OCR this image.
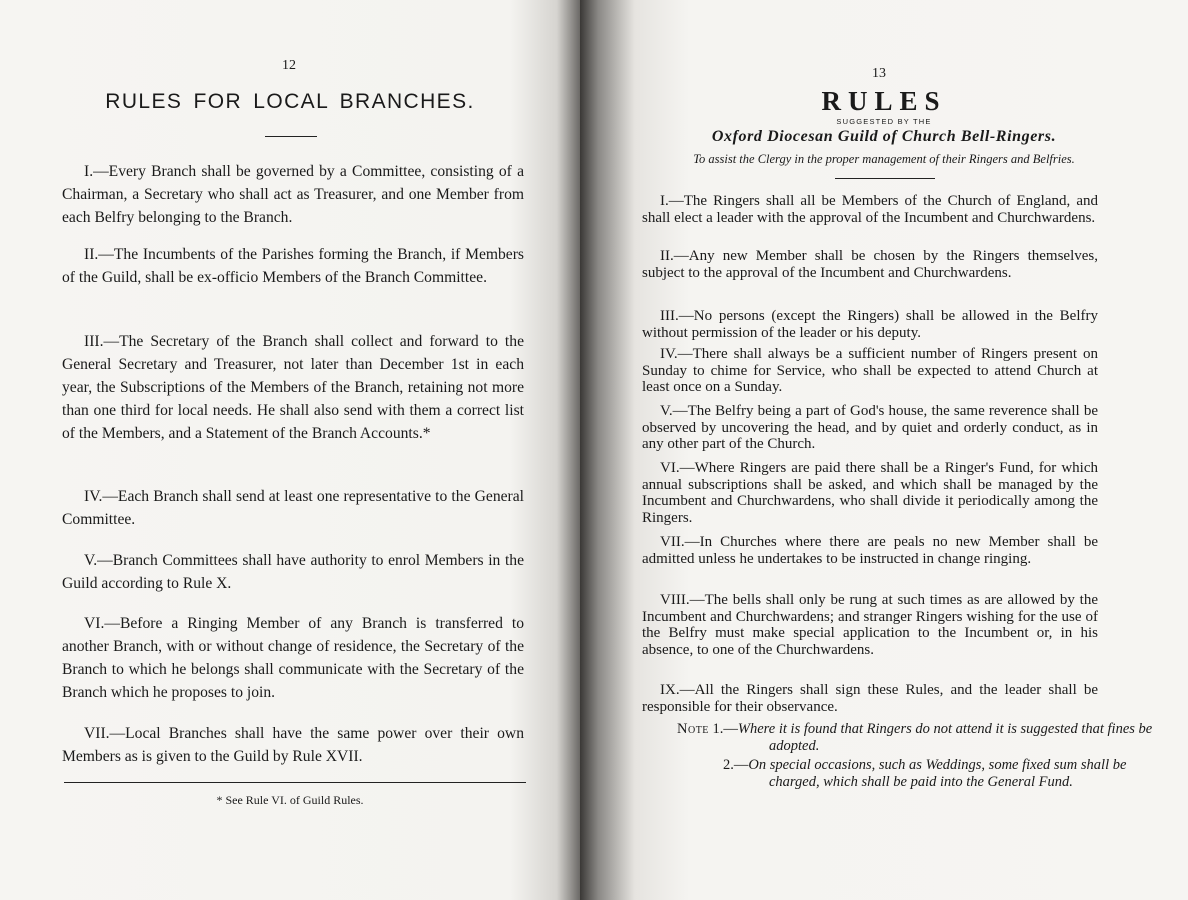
12
RULES FOR LOCAL BRANCHES.

I.—Every Branch shall be governed by a Committee, consisting of a Chairman, a Secretary who shall act as Treasurer, and one Member from each Belfry belonging to the Branch.

II.—The Incumbents of the Parishes forming the Branch, if Members of the Guild, shall be ex-officio Members of the Branch Committee.

III.—The Secretary of the Branch shall collect and forward to the General Secretary and Treasurer, not later than December 1st in each year, the Subscriptions of the Members of the Branch, retaining not more than one third for local needs. He shall also send with them a correct list of the Members, and a Statement of the Branch Accounts.*

IV.—Each Branch shall send at least one representative to the General Committee.

V.—Branch Committees shall have authority to enrol Members in the Guild according to Rule X.

VI.—Before a Ringing Member of any Branch is transferred to another Branch, with or without change of residence, the Secretary of the Branch to which he belongs shall communicate with the Secretary of the Branch which he proposes to join.

VII.—Local Branches shall have the same power over their own Members as is given to the Guild by Rule XVII.

* See Rule VI. of Guild Rules.
13
RULES
SUGGESTED BY THE
Oxford Diocesan Guild of Church Bell-Ringers.
To assist the Clergy in the proper management of their Ringers and Belfries.

I.—The Ringers shall all be Members of the Church of England, and shall elect a leader with the approval of the Incumbent and Churchwardens.

II.—Any new Member shall be chosen by the Ringers themselves, subject to the approval of the Incumbent and Churchwardens.

III.—No persons (except the Ringers) shall be allowed in the Belfry without permission of the leader or his deputy.

IV.—There shall always be a sufficient number of Ringers present on Sunday to chime for Service, who shall be expected to attend Church at least once on a Sunday.

V.—The Belfry being a part of God's house, the same reverence shall be observed by uncovering the head, and by quiet and orderly conduct, as in any other part of the Church.

VI.—Where Ringers are paid there shall be a Ringer's Fund, for which annual subscriptions shall be asked, and which shall be managed by the Incumbent and Churchwardens, who shall divide it periodically among the Ringers.

VII.—In Churches where there are peals no new Member shall be admitted unless he undertakes to be instructed in change ringing.

VIII.—The bells shall only be rung at such times as are allowed by the Incumbent and Churchwardens; and stranger Ringers wishing for the use of the Belfry must make special application to the Incumbent or, in his absence, to one of the Churchwardens.

IX.—All the Ringers shall sign these Rules, and the leader shall be responsible for their observance.

Note 1.—Where it is found that Ringers do not attend it is suggested that fines be adopted.

2.—On special occasions, such as Weddings, some fixed sum shall be charged, which shall be paid into the General Fund.
